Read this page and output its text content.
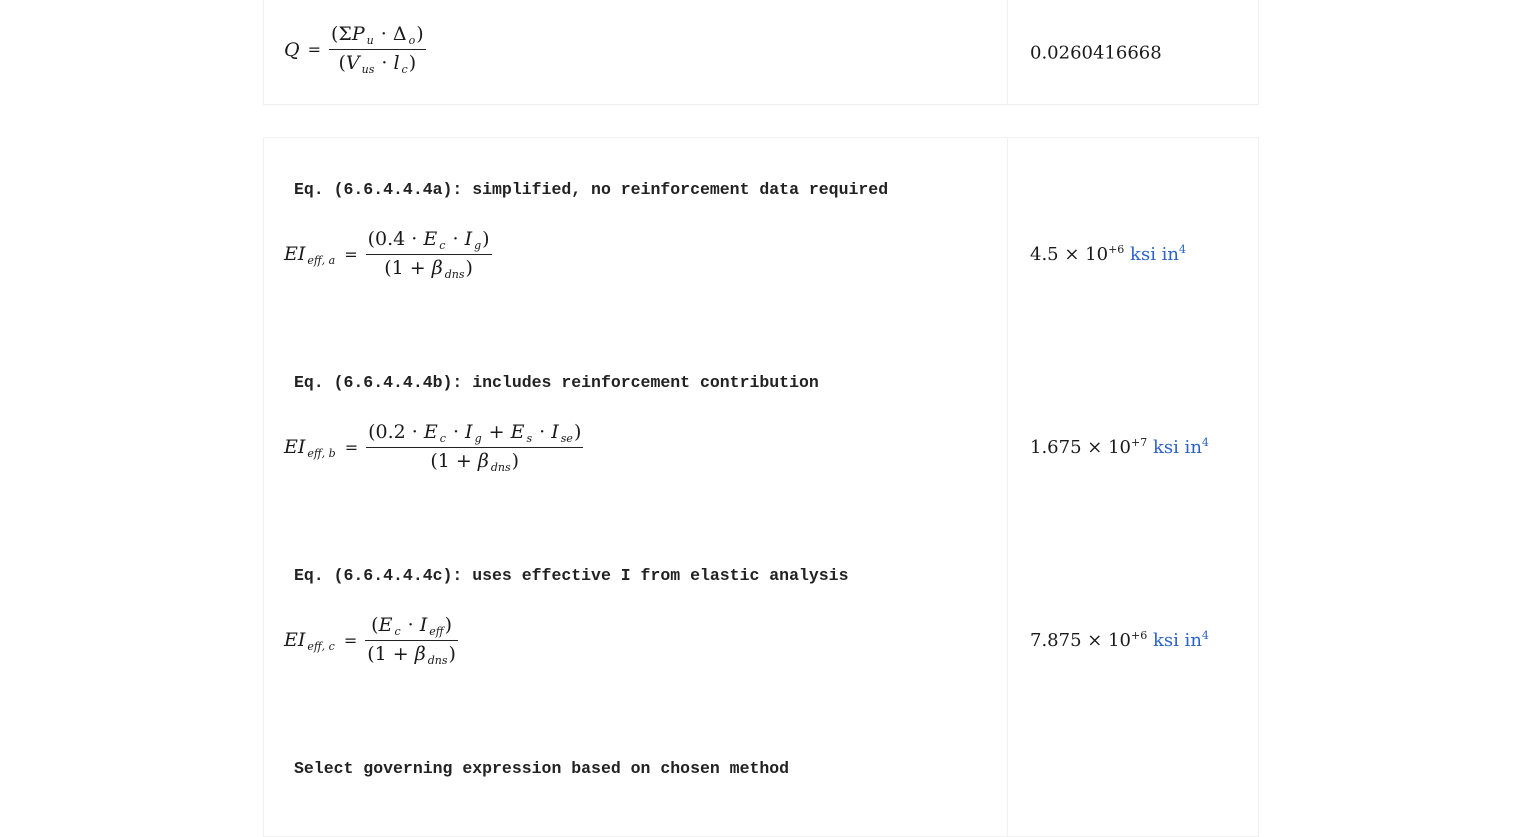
$Q = \frac{(\Sigma P _u \cdot \Delta _o)}{(V _{us} \cdot l _c)}$	0.0260416668
Eq. (6.6.4.4.4a): simplified, no reinforcement data required
EI $_{eff, a} = \frac{(0.4 \cdot E _c \cdot I _g)}{(1 + \beta _{dns})}$	$4.5 \times 10^{+6}$ ksi $in^4$
Eq. (6.6.4.4.4b): includes reinforcement contribution
EI $_{eff, b} = \frac{(0.2 \cdot E _c \cdot I _g + E _s \cdot I _{se})}{(1 + \beta _{dns})}$	$1.675 \times 10^{+7}$ ksi $in^4$
Eq. (6.6.4.4.4c): uses effective I from elastic analysis
EI $_{eff, c} = \frac{(E _c \cdot I _{eff})}{(1 + \beta _{dns})}$	$7.875 \times 10^{+6}$ ksi $in^4$
Select governing expression based on chosen method
